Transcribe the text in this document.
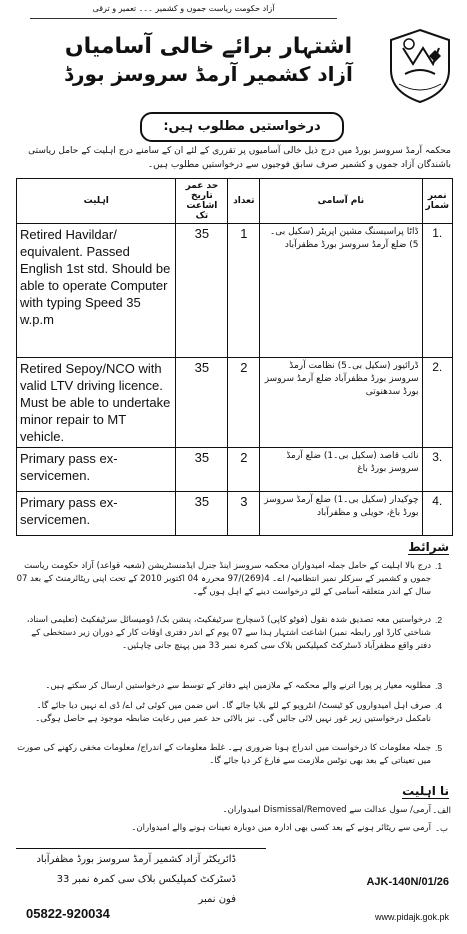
آزاد حکومت ریاست جموں و کشمیر ۔۔۔ تعمیر و ترقی
اشتہار برائے خالی آسامیاں
آزاد کشمیر آرمڈ سروسز بورڈ
درخواستیں مطلوب ہیں:
محکمہ آرمڈ سروسز بورڈ میں درج ذیل خالی آسامیوں پر تقرری کے لئے ان کے سامنے درج اہلیت کے حامل ریاستی باشندگان آزاد جموں و کشمیر صرف سابق فوجیوں سے درخواستیں مطلوب ہیں۔
اہلیت	حد عمر تاریخ اشاعت تک	تعداد	نام آسامی	نمبر شمار
Retired Havildar/ equivalent. Passed English 1st std. Should be able to operate Computer with typing Speed 35 w.p.m	35	1	ڈاٹا پراسیسنگ مشین اپریٹر (سکیل بی۔5) ضلع آرمڈ سروسز بورڈ مظفرآباد	1.
Retired Sepoy/NCO with valid LTV driving licence. Must be able to undertake minor repair to MT vehicle.	35	2	ڈرائیور (سکیل بی۔5) نظامت آرمڈ سروسز بورڈ مظفرآباد ضلع آرمڈ سروسز بورڈ سدھنوتی	2.
Primary pass ex-servicemen.	35	2	نائب قاصد (سکیل بی۔1) ضلع آرمڈ سروسز بورڈ باغ	3.
Primary pass ex-servicemen.	35	3	چوکیدار (سکیل بی۔1) ضلع آرمڈ سروسز بورڈ باغ، حویلی و مظفرآباد	4.
شرائط
1.
درج بالا اہلیت کے حامل جملہ امیدواران محکمہ سروسز اینڈ جنرل ایڈمنسٹریشن (شعبہ قواعد) آزاد حکومت ریاست جموں و کشمیر کے سرکلر نمبر انتظامیہ/ اے۔ 4(269)/97 محررہ 04 اکتوبر 2010 کے تحت اپنی ریٹائرمنٹ کے بعد 07 سال کے اندر متعلقہ آسامی کے لئے درخواست دینے کے اہل ہوں گے۔
2.
درخواستیں معہ تصدیق شدہ نقول (فوٹو کاپی) ڈسچارج سرٹیفکیٹ، پنشن بک/ ڈومیسائل سرٹیفکیٹ (تعلیمی اسناد، شناختی کارڈ اور رابطہ نمبر) اشاعت اشتہار ہذا سے 07 یوم کے اندر دفتری اوقات کار کے دوران زیر دستخطی کے دفتر واقع مظفرآباد ڈسٹرکٹ کمپلیکس بلاک سی کمرہ نمبر 33 میں پہنچ جانی چاہئیں۔
3.
مطلوبہ معیار پر پورا اترنے والے محکمہ کے ملازمین اپنے دفاتر کے توسط سے درخواستیں ارسال کر سکتے ہیں۔
4.
صرف اہل امیدواروں کو ٹیسٹ/ انٹرویو کے لئے بلایا جائے گا۔ اس ضمن میں کوئی ٹی اے/ ڈی اے نہیں دیا جائے گا۔ نامکمل درخواستیں زیر غور نہیں لائی جائیں گی۔ نیز بالائی حد عمر میں رعایت ضابطہ موجود ہے حاصل ہوگی۔
5.
جملہ معلومات کا درخواست میں اندراج ہونا ضروری ہے۔ غلط معلومات کے اندراج/ معلومات مخفی رکھنے کی صورت میں تعیناتی کے بعد بھی نوٹس ملازمت سے فارغ کر دیا جائے گا۔
نا اہلیت
الف۔
آرمی/ سول عدالت سے Dismissal/Removed امیدواران۔
ب۔
آرمی سے ریٹائر ہونے کے بعد کسی بھی ادارہ میں دوبارہ تعینات ہونے والے امیدواران۔
ڈائریکٹر آزاد کشمیر آرمڈ سروسز بورڈ مظفرآباد
ڈسٹرکٹ کمپلیکس بلاک سی کمرہ نمبر 33
فون نمبر
05822-920034
AJK-140N/01/26
www.pidajk.gok.pk
